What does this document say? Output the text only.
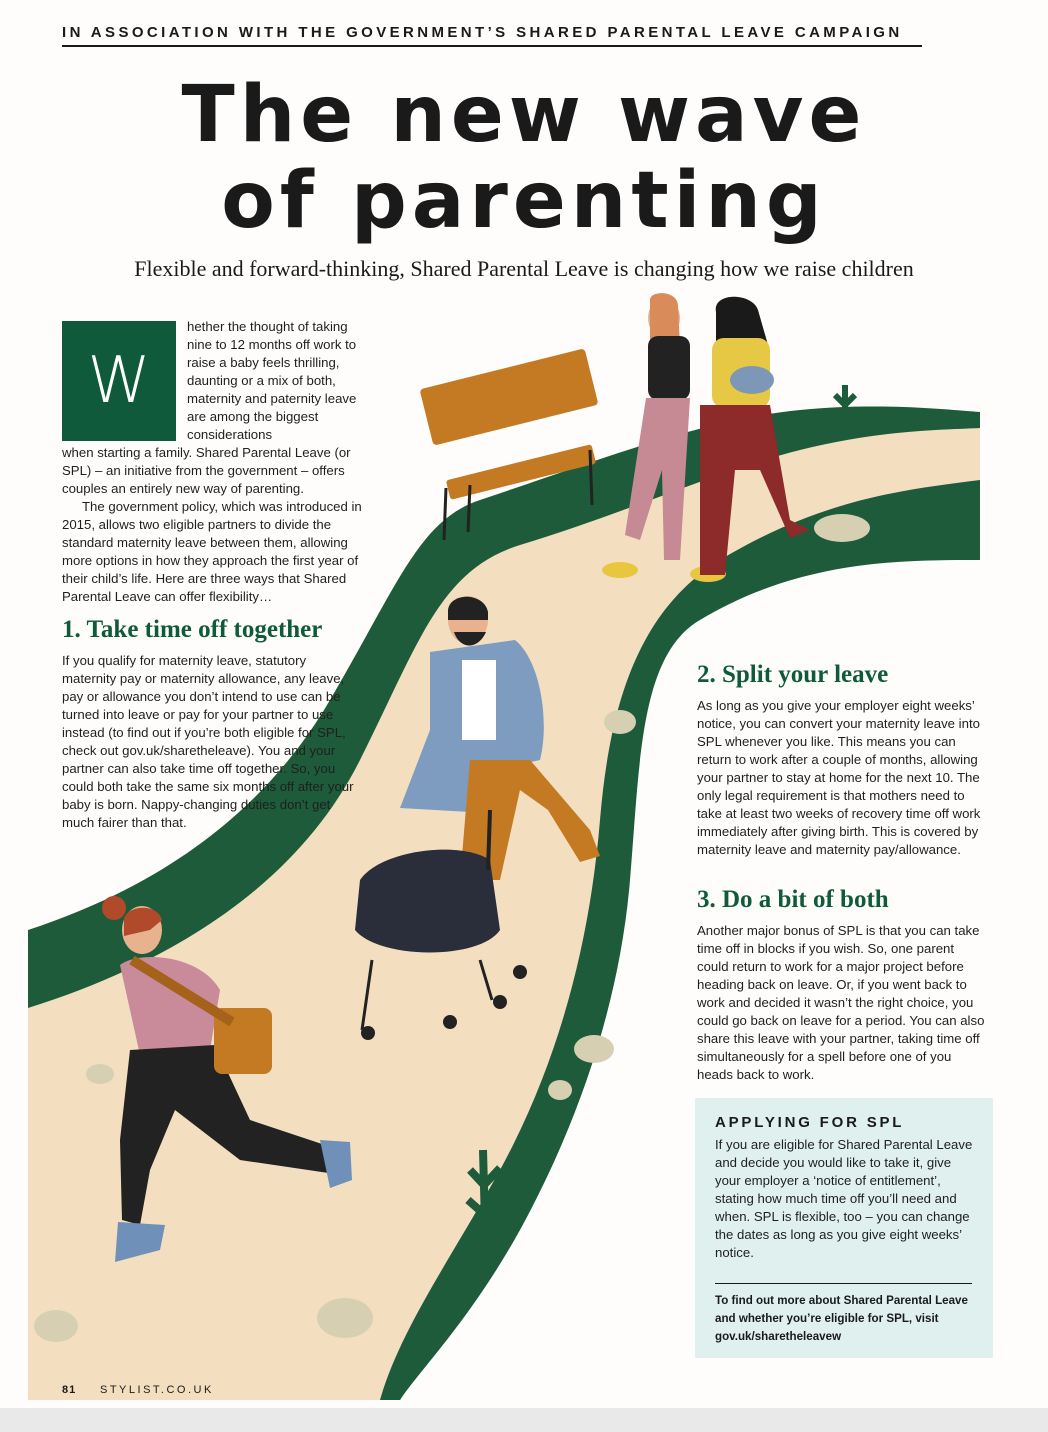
IN ASSOCIATION WITH THE GOVERNMENT’S SHARED PARENTAL LEAVE CAMPAIGN
The new wave
of parenting
Flexible and forward-thinking, Shared Parental Leave is changing how we raise children
W
hether the thought of taking nine to 12 months off work to raise a baby feels thrilling, daunting or a mix of both, maternity and paternity leave are among the biggest considerations
when starting a family. Shared Parental Leave (or SPL) – an initiative from the government – offers couples an entirely new way of parenting.
The government policy, which was introduced in 2015, allows two eligible partners to divide the standard maternity leave between them, allowing more options in how they approach the first year of their child’s life. Here are three ways that Shared Parental Leave can offer flexibility…
1. Take time off together
If you qualify for maternity leave, statutory maternity pay or maternity allowance, any leave, pay or allowance you don’t intend to use can be turned into leave or pay for your partner to use instead (to find out if you’re both eligible for SPL, check out gov.uk/sharetheleave). You and your partner can also take time off together. So, you could both take the same six months off after your baby is born. Nappy-changing duties don’t get much fairer than that.
2. Split your leave
As long as you give your employer eight weeks’ notice, you can convert your maternity leave into SPL whenever you like. This means you can return to work after a couple of months, allowing your partner to stay at home for the next 10. The only legal requirement is that mothers need to take at least two weeks of recovery time off work immediately after giving birth. This is covered by maternity leave and maternity pay/allowance.
3. Do a bit of both
Another major bonus of SPL is that you can take time off in blocks if you wish. So, one parent could return to work for a major project before heading back on leave. Or, if you went back to work and decided it wasn’t the right choice, you could go back on leave for a period. You can also share this leave with your partner, taking time off simultaneously for a spell before one of you heads back to work.
APPLYING FOR SPL
If you are eligible for Shared Parental Leave and decide you would like to take it, give your employer a ‘notice of entitlement’, stating how much time off you’ll need and when. SPL is flexible, too – you can change the dates as long as you give eight weeks’ notice.
To find out more about Shared Parental Leave and whether you’re eligible for SPL, visit gov.uk/sharetheleavew
81 STYLIST.CO.UK
